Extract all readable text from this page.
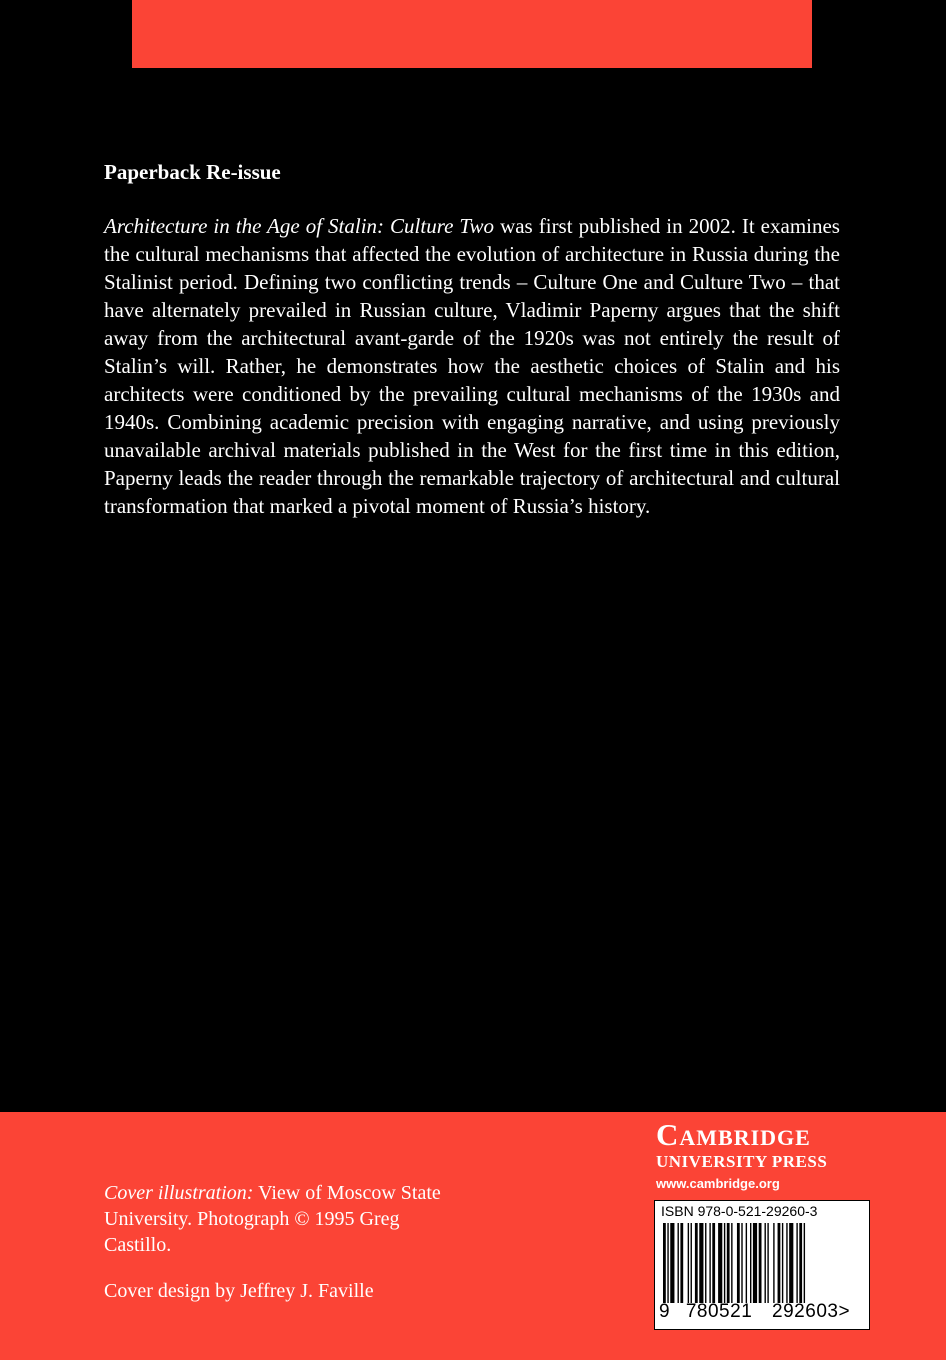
Paperback Re-issue
Architecture in the Age of Stalin: Culture Two was first published in 2002. It examines the cultural mechanisms that affected the evolution of architecture in Russia during the Stalinist period. Defining two conflicting trends – Culture One and Culture Two – that have alternately prevailed in Russian culture, Vladimir Paperny argues that the shift away from the architectural avant-garde of the 1920s was not entirely the result of Stalin’s will. Rather, he demonstrates how the aesthetic choices of Stalin and his architects were conditioned by the prevailing cultural mechanisms of the 1930s and 1940s. Combining academic precision with engaging narrative, and using previously unavailable archival materials published in the West for the first time in this edition, Paperny leads the reader through the remarkable trajectory of architectural and cultural transformation that marked a pivotal moment of Russia’s history.

Cover illustration: View of Moscow State University. Photograph © 1995 Greg Castillo.

Cover design by Jeffrey J. Faville

Cambridge
UNIVERSITY PRESS
www.cambridge.org
ISBN 978-0-521-29260-3
9 780521 292603>
